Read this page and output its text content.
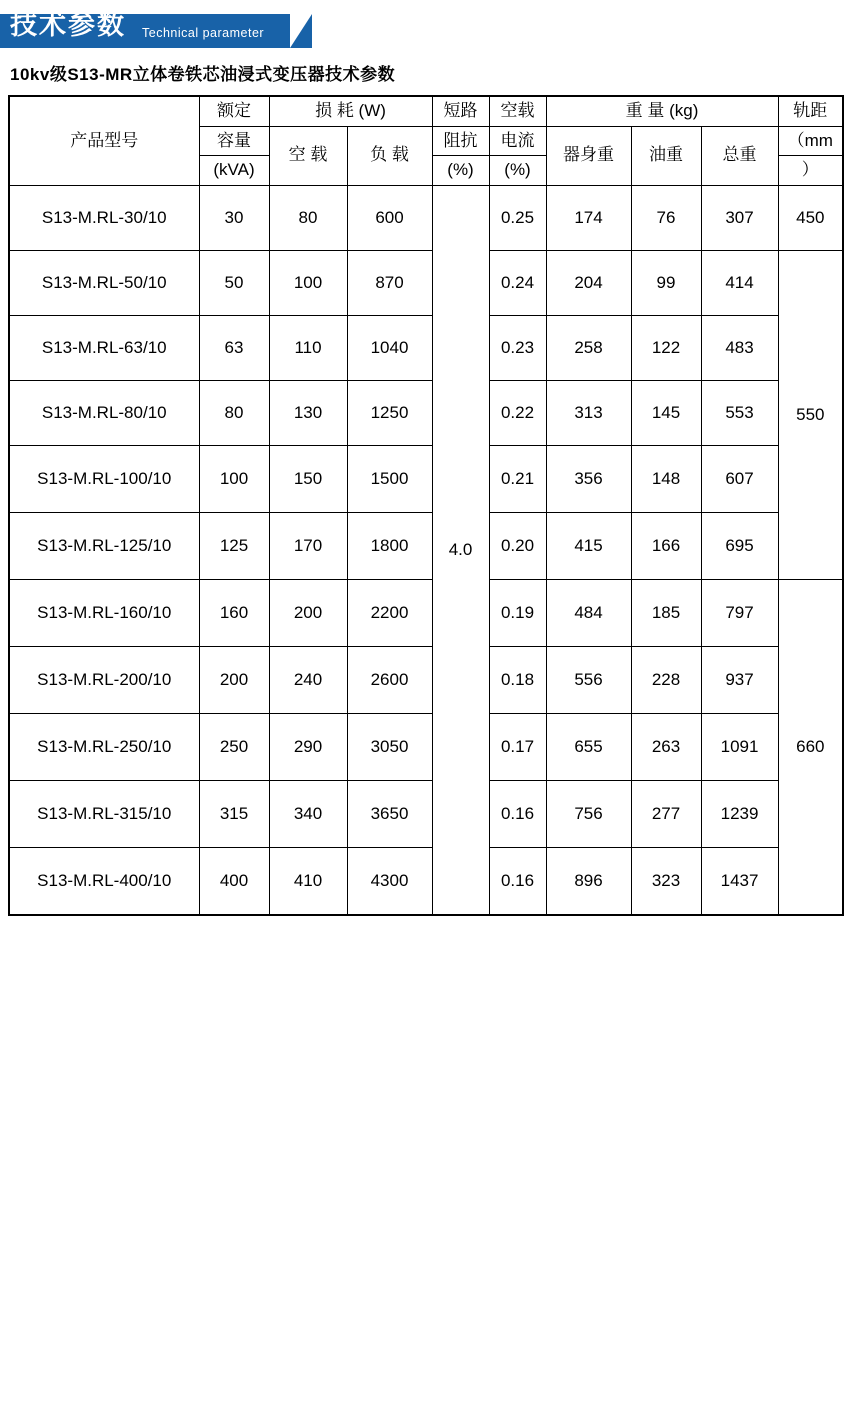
技术参数 Technical parameter
10kv级S13-MR立体卷铁芯油浸式变压器技术参数
产品型号	额定	损 耗 (W)		短路	空载	重 量 (kg)			轨距
	容量	空 载	负 载	阻抗	电流	器身重	油重	总重	（mm
	(kVA)			(%)	(%)				）
S13-M.RL-30/10	30	80	600	4.0	0.25	174	76	307	450
S13-M.RL-50/10	50	100	870		0.24	204	99	414	550
S13-M.RL-63/10	63	110	1040		0.23	258	122	483	
S13-M.RL-80/10	80	130	1250		0.22	313	145	553	
S13-M.RL-100/10	100	150	1500		0.21	356	148	607	
S13-M.RL-125/10	125	170	1800		0.20	415	166	695	
S13-M.RL-160/10	160	200	2200		0.19	484	185	797	660
S13-M.RL-200/10	200	240	2600		0.18	556	228	937	
S13-M.RL-250/10	250	290	3050		0.17	655	263	1091	
S13-M.RL-315/10	315	340	3650		0.16	756	277	1239	
S13-M.RL-400/10	400	410	4300		0.16	896	323	1437	
